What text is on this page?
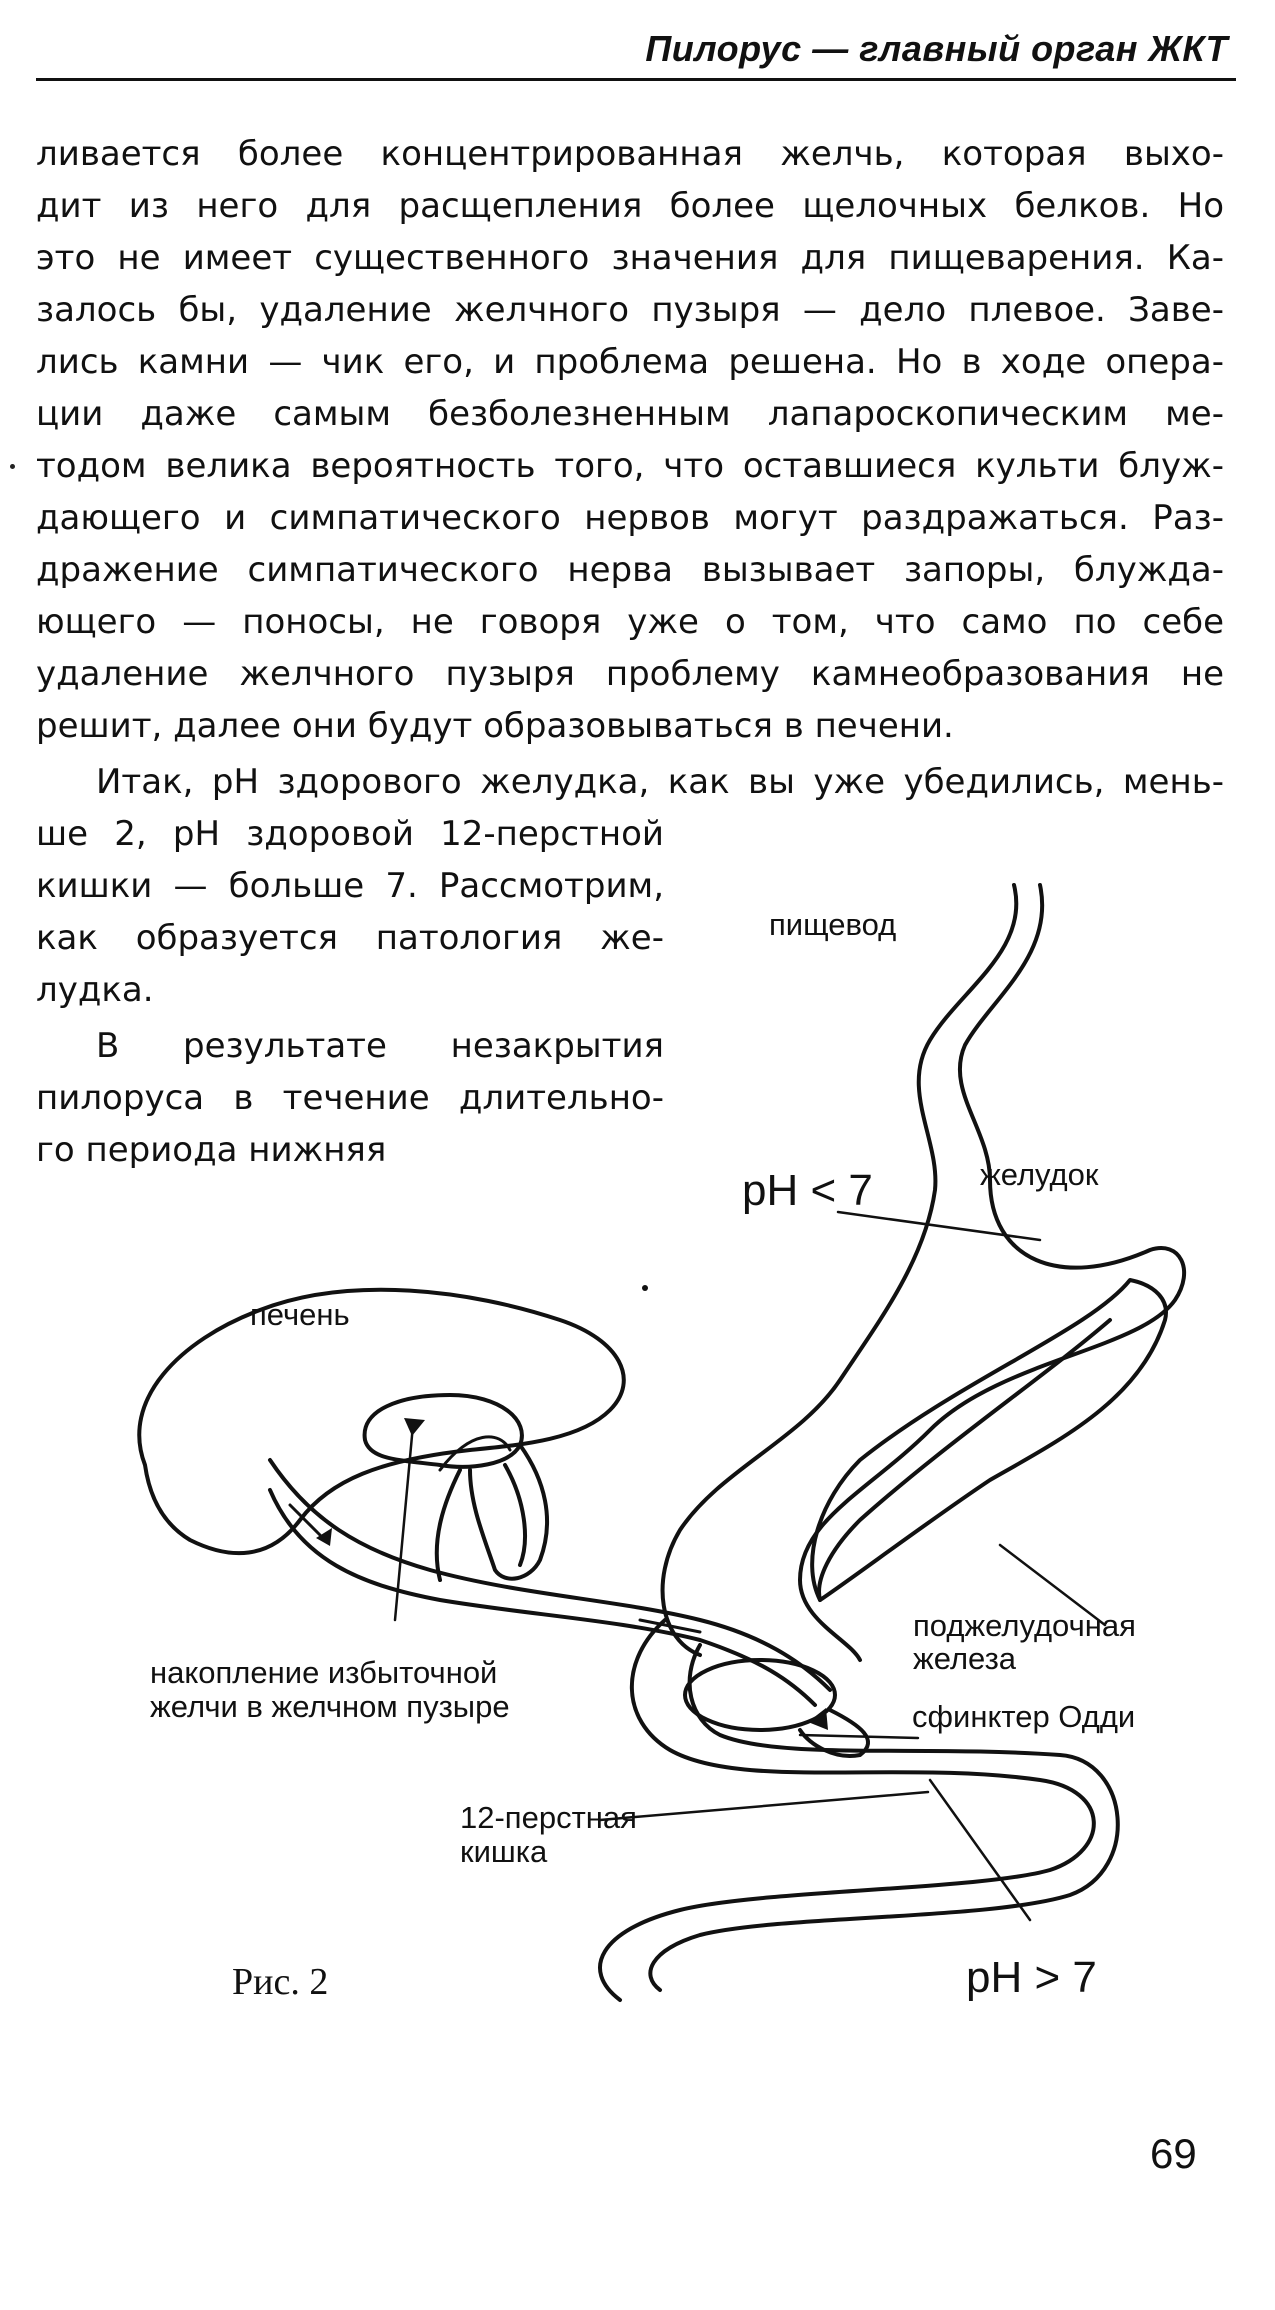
Пилорус — главный орган ЖКТ
ливается более концентрированная желчь, которая выхо-
дит из него для расщепления более щелочных белков. Но
это не имеет существенного значения для пищеварения. Ка-
залось бы, удаление желчного пузыря — дело плевое. Заве-
лись камни — чик его, и проблема решена. Но в ходе опера-
ции даже самым безболезненным лапароскопическим ме-
тодом велика вероятность того, что оставшиеся культи блуж-
дающего и симпатического нервов могут раздражаться. Раз-
дражение симпатического нерва вызывает запоры, блужда-
ющего — поносы, не говоря уже о том, что само по себе
удаление желчного пузыря проблему камнеобразования не
решит, далее они будут образовываться в печени.
Итак, pH здорового желудка, как вы уже убедились, мень-
ше 2, pH здоровой 12-перстной
кишки — больше 7. Рассмотрим,
как образуется патология же-
лудка.
В результате незакрытия
пилоруса в течение длительно-
го периода нижняя
пищевод
pH < 7	желудок
печень
поджелудочная
железа
накопление избыточной
желчи в желчном пузыре	сфинктер Одди
12-перстная
кишка
pH > 7
Рис. 2
69
